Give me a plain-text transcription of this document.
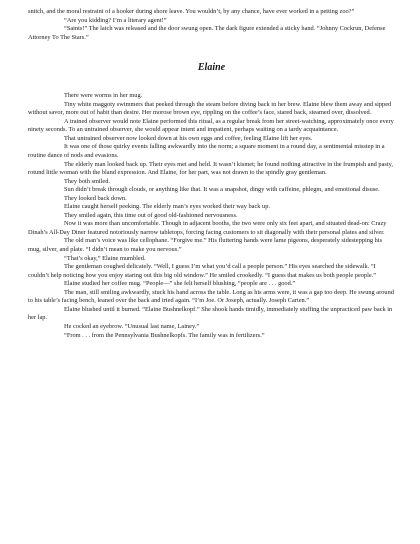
snitch, and the moral restraint of a hooker during shore leave. You wouldn’t, by any chance, have ever worked in a petting zoo?”

“Are you kidding? I’m a literary agent!”

“Saints!” The latch was released and the door swung open. The dark figure extended a sticky hand. “Johnny Cockrun, Defense Attorney To The Stars.”

Elaine

There were worms in her mug.

Tiny white maggoty swimmers that peeked through the steam before diving back in her brew. Elaine blew them away and sipped without savor, more out of habit than desire. Her morose brown eye, rippling on the coffee’s face, stared back, steamed over, dissolved.

A trained observer would note Elaine performed this ritual, as a regular break from her street-watching, approximately once every ninety seconds. To an untrained observer, she would appear intent and impatient, perhaps waiting on a tardy acquaintance.

That untrained observer now looked down at his own eggs and coffee, feeling Elaine lift her eyes.

It was one of those quirky events falling awkwardly into the norm; a square moment in a round day, a sentimental misstep in a routine dance of nods and evasions.

The elderly man looked back up. Their eyes met and held. It wasn’t kismet; he found nothing attractive in the frumpish and pasty, rotund little woman with the bland expression. And Elaine, for her part, was not drawn to the spindly gray gentleman.

They both smiled.

Sun didn’t break through clouds, or anything like that. It was a snapshot, dingy with caffeine, phlegm, and emotional disuse.

They looked back down.

Elaine caught herself peeking. The elderly man’s eyes worked their way back up.

They smiled again, this time out of good old-fashioned nervousness.

Now it was more than uncomfortable. Though in adjacent booths, the two were only six feet apart, and situated dead-on: Crazy Dinah’s All-Day Diner featured notoriously narrow tabletops, forcing facing customers to sit diagonally with their personal plates and silver.

The old man’s voice was like cellophane. “Forgive me.” His fluttering hands were lame pigeons, desperately sidestepping his mug, silver, and plate. “I didn’t mean to make you nervous.”

“That’s okay,” Elaine mumbled.

The gentleman coughed delicately. “Well, I guess I’m what you’d call a people person.” His eyes searched the sidewalk. “I couldn’t help noticing how you enjoy staring out this big old window.” He smiled crookedly. “I guess that makes us both people people.”

Elaine studied her coffee mug. “People—” she felt herself blushing, “people are . . . good.”

The man, still smiling awkwardly, stuck his hand across the table. Long as his arms were, it was a gap too deep. He swung around to his table’s facing bench, leaned over the back and tried again. “I’m Joe. Or Joseph, actually. Joseph Carten.”

Elaine blushed until it burned. “Elaine Bushnelkopf.” She shook hands timidly, immediately stuffing the unpracticed paw back in her lap.

He cocked an eyebrow. “Unusual last name, Lainey.”

“From . . . from the Pennsylvania Bushnelkopfs. The family was in fertilizers.”
